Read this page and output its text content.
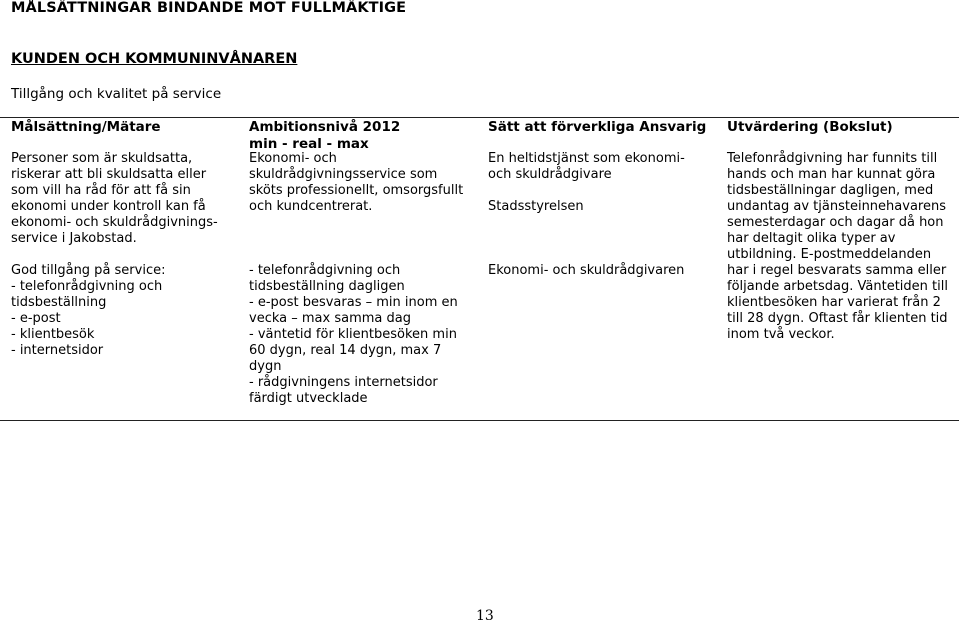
MÅLSÄTTNINGAR BINDANDE MOT FULLMÄKTIGE
KUNDEN OCH KOMMUNINVÅNAREN
Tillgång och kvalitet på service
Målsättning/Mätare	Ambitionsnivå 2012
min - real - max
Sätt att förverkliga Ansvarig Utvärdering (Bokslut)
Personer som är skuldsatta,
riskerar att bli skuldsatta eller
som vill ha råd för att få sin
ekonomi under kontroll kan få
ekonomi- och skuldrådgivnings-
service i Jakobstad.
God tillgång på service:
- telefonrådgivning och
tidsbeställning
- e-post
- klientbesök
- internetsidor
Ekonomi- och
skuldrådgivningsservice som
sköts professionellt, omsorgsfullt
och kundcentrerat.
- telefonrådgivning och
tidsbeställning dagligen
- e-post besvaras – min inom en
vecka – max samma dag
- väntetid för klientbesöken min
60 dygn, real 14 dygn, max 7
dygn
- rådgivningens internetsidor
färdigt utvecklade
En heltidstjänst som ekonomi-
och skuldrådgivare
Stadsstyrelsen
Ekonomi- och skuldrådgivaren
Telefonrådgivning har funnits till
hands och man har kunnat göra
tidsbeställningar dagligen, med
undantag av tjänsteinnehavarens
semesterdagar och dagar då hon
har deltagit olika typer av
utbildning. E-postmeddelanden
har i regel besvarats samma eller
följande arbetsdag. Väntetiden till
klientbesöken har varierat från 2
till 28 dygn. Oftast får klienten tid
inom två veckor.
13
